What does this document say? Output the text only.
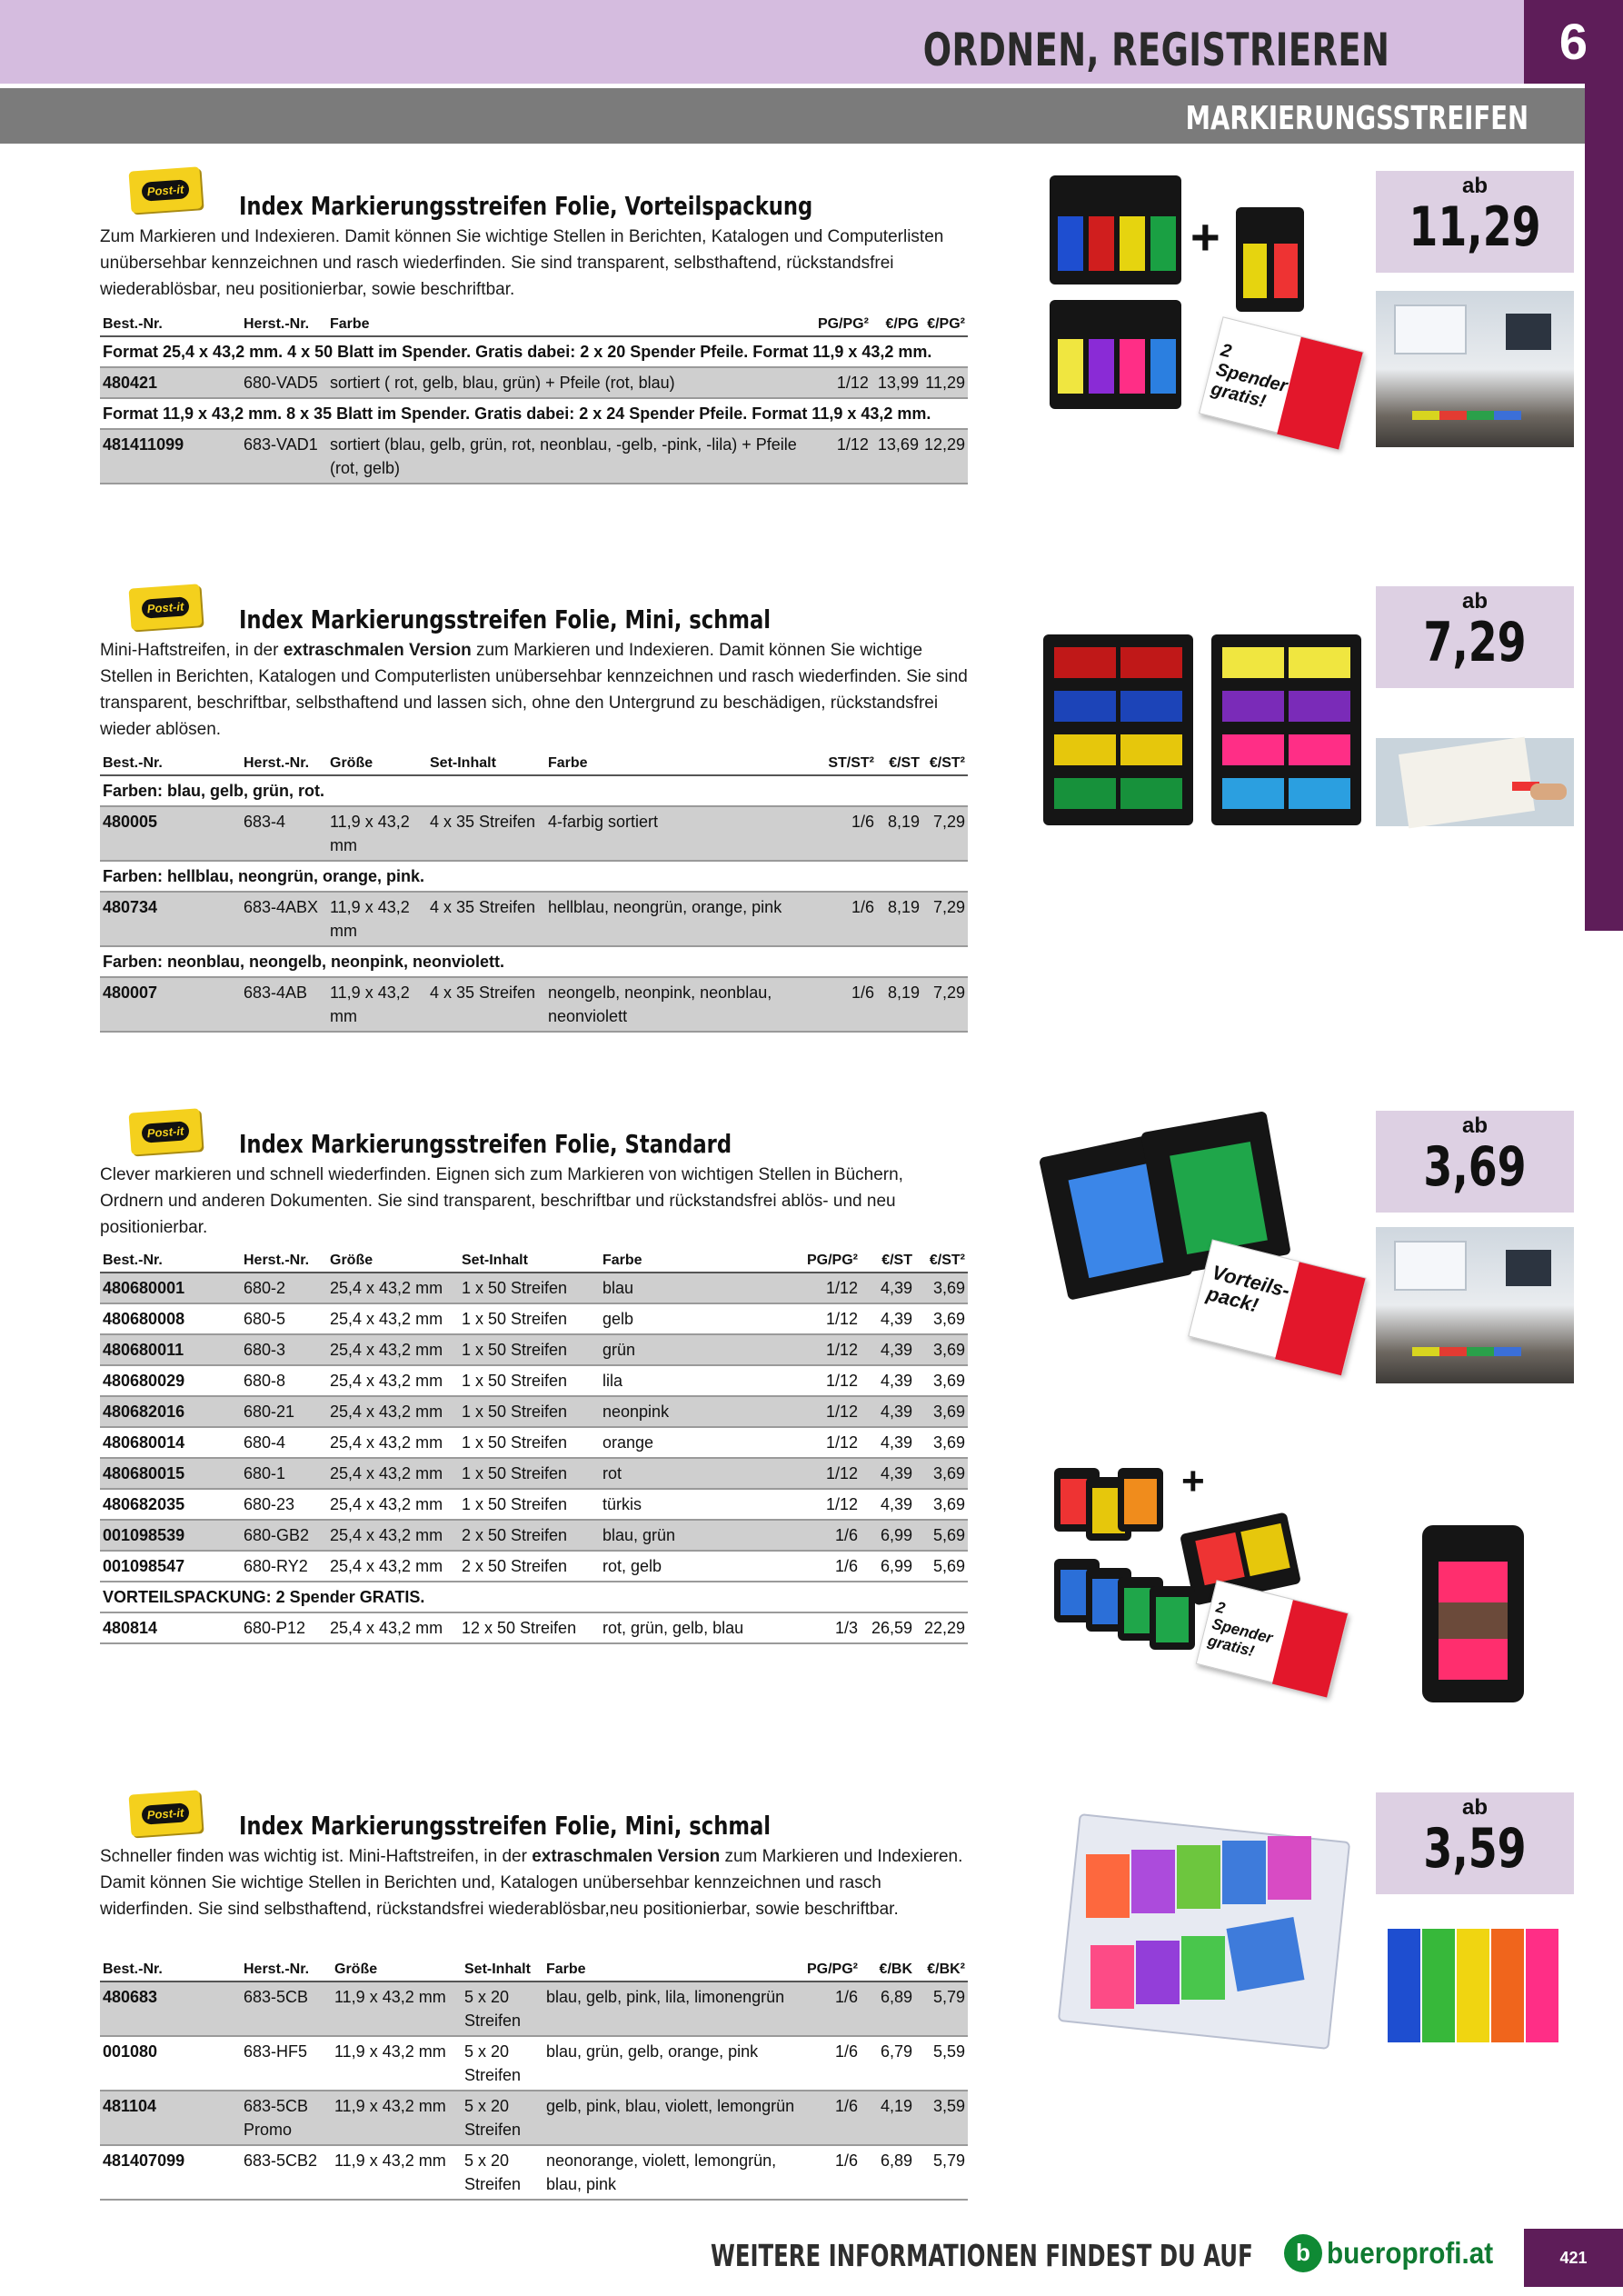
ORDNEN, REGISTRIEREN	6
MARKIERUNGSSTREIFEN
Post-it
Index Markierungsstreifen Folie, Vorteilspackung
Zum Markieren und Indexieren. Damit können Sie wichtige Stellen in Berichten, Katalogen und Computerlisten unübersehbar kennzeichnen und rasch wiederfinden. Sie sind transparent, selbsthaftend, rückstandsfrei wiederablösbar, neu positionierbar, sowie beschriftbar.
Best.-Nr.	Herst.-Nr.	Farbe	PG/PG²	€/PG	€/PG²
Format 25,4 x 43,2 mm. 4 x 50 Blatt im Spender. Gratis dabei: 2 x 20 Spender Pfeile. Format 11,9 x 43,2 mm.					
480421	680-VAD5	sortiert ( rot, gelb, blau, grün) + Pfeile (rot, blau)	1/12	13,99	11,29
Format 11,9 x 43,2 mm. 8 x 35 Blatt im Spender. Gratis dabei: 2 x 24 Spender Pfeile. Format 11,9 x 43,2 mm.					
481411099	683-VAD1	sortiert (blau, gelb, grün, rot, neonblau, -gelb, -pink, -lila) + Pfeile (rot, gelb)	1/12	13,69	12,29
+
2 Spender gratis!
ab
11,29
Post-it Index Markierungsstreifen Folie, Mini, schmal
Mini-Haftstreifen, in der extraschmalen Version zum Markieren und Indexieren. Damit können Sie wichtige Stellen in Berichten, Katalogen und Computerlisten unübersehbar kennzeichnen und rasch wiederfinden. Sie sind transparent, beschriftbar, selbsthaftend und lassen sich, ohne den Untergrund zu beschädigen, rückstandsfrei wieder ablösen.
Best.-Nr.	Herst.-Nr.	Größe	Set-Inhalt	Farbe	ST/ST²	€/ST	€/ST²
Farben: blau, gelb, grün, rot.							
480005	683-4	11,9 x 43,2 mm	4 x 35 Streifen	4-farbig sortiert	1/6	8,19	7,29
Farben: hellblau, neongrün, orange, pink.							
480734	683-4ABX	11,9 x 43,2 mm	4 x 35 Streifen	hellblau, neongrün, orange, pink	1/6	8,19	7,29
Farben: neonblau, neongelb, neonpink, neonviolett.							
480007	683-4AB	11,9 x 43,2 mm	4 x 35 Streifen	neongelb, neonpink, neonblau, neonviolett	1/6	8,19	7,29
ab
7,29
Post-it Index Markierungsstreifen Folie, Standard
Clever markieren und schnell wiederfinden. Eignen sich zum Markieren von wichtigen Stellen in Büchern, Ordnern und anderen Dokumenten. Sie sind transparent, beschriftbar und rückstandsfrei ablös- und neu positionierbar.
Best.-Nr.	Herst.-Nr.	Größe	Set-Inhalt	Farbe	PG/PG²	€/ST	€/ST²
480680001	680-2	25,4 x 43,2 mm	1 x 50 Streifen	blau	1/12	4,39	3,69
480680008	680-5	25,4 x 43,2 mm	1 x 50 Streifen	gelb	1/12	4,39	3,69
480680011	680-3	25,4 x 43,2 mm	1 x 50 Streifen	grün	1/12	4,39	3,69
480680029	680-8	25,4 x 43,2 mm	1 x 50 Streifen	lila	1/12	4,39	3,69
480682016	680-21	25,4 x 43,2 mm	1 x 50 Streifen	neonpink	1/12	4,39	3,69
480680014	680-4	25,4 x 43,2 mm	1 x 50 Streifen	orange	1/12	4,39	3,69
480680015	680-1	25,4 x 43,2 mm	1 x 50 Streifen	rot	1/12	4,39	3,69
480682035	680-23	25,4 x 43,2 mm	1 x 50 Streifen	türkis	1/12	4,39	3,69
001098539	680-GB2	25,4 x 43,2 mm	2 x 50 Streifen	blau, grün	1/6	6,99	5,69
001098547	680-RY2	25,4 x 43,2 mm	2 x 50 Streifen	rot, gelb	1/6	6,99	5,69
VORTEILSPACKUNG: 2 Spender GRATIS.							
480814	680-P12	25,4 x 43,2 mm	12 x 50 Streifen	rot, grün, gelb, blau	1/3	26,59	22,29
Vorteils-pack!
ab
3,69
+
2 Spender gratis!
Post-it Index Markierungsstreifen Folie, Mini, schmal
Schneller finden was wichtig ist. Mini-Haftstreifen, in der extraschmalen Version zum Markieren und Indexieren. Damit können Sie wichtige Stellen in Berichten und, Katalogen unübersehbar kennzeichnen und rasch widerfinden. Sie sind selbsthaftend, rückstandsfrei wiederablösbar,neu positionierbar, sowie beschriftbar.
Best.-Nr.	Herst.-Nr.	Größe	Set-Inhalt	Farbe	PG/PG²	€/BK	€/BK²
480683	683-5CB	11,9 x 43,2 mm	5 x 20 Streifen	blau, gelb, pink, lila, limonengrün	1/6	6,89	5,79
001080	683-HF5	11,9 x 43,2 mm	5 x 20 Streifen	blau, grün, gelb, orange, pink	1/6	6,79	5,59
481104	683-5CB Promo	11,9 x 43,2 mm	5 x 20 Streifen	gelb, pink, blau, violett, lemongrün	1/6	4,19	3,59
481407099	683-5CB2	11,9 x 43,2 mm	5 x 20 Streifen	neonorange, violett, lemongrün, blau, pink	1/6	6,89	5,79
ab
3,59
WEITERE INFORMATIONEN FINDEST DU AUF	b bueroprofi.at	421
